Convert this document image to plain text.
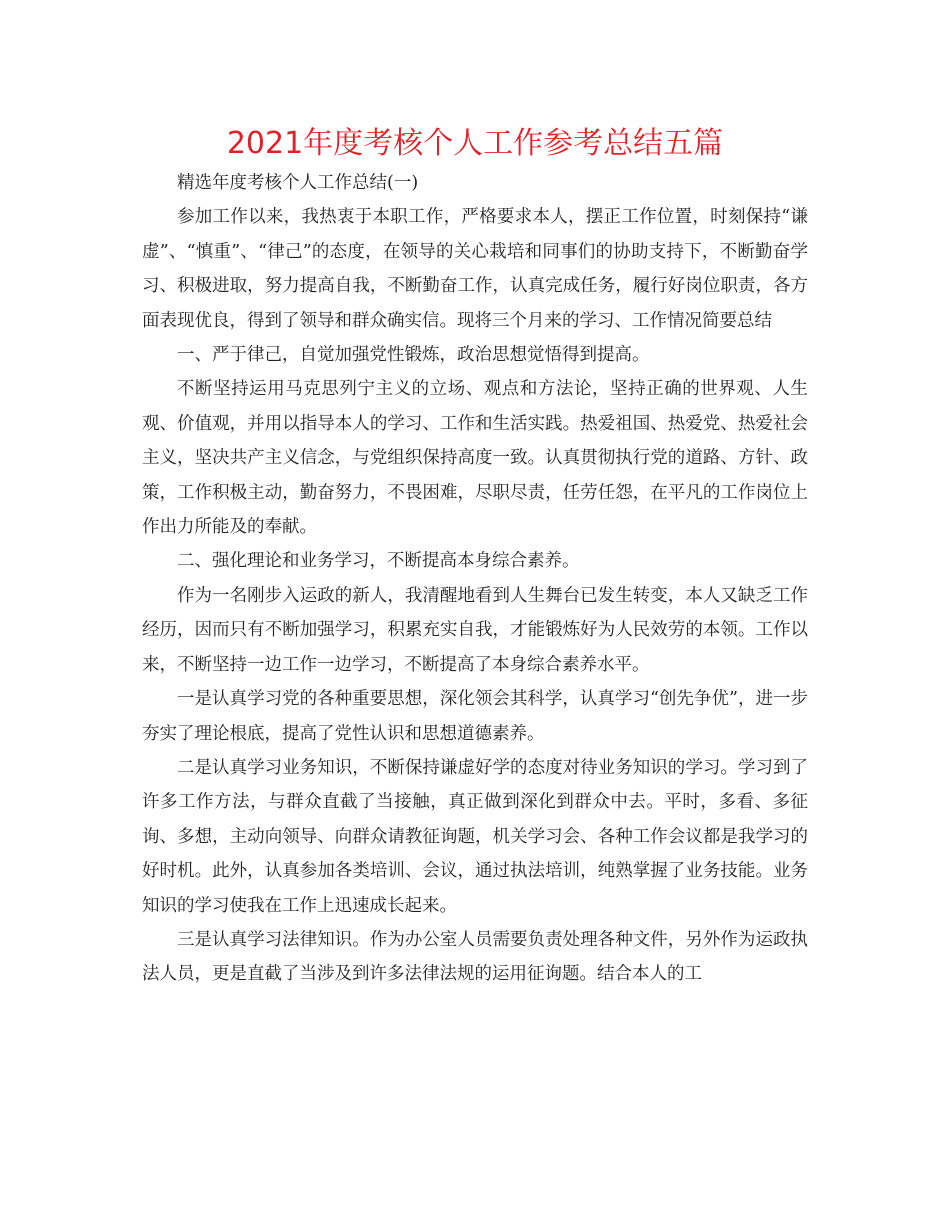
2021年度考核个人工作参考总结五篇

精选年度考核个人工作总结(一)

参加工作以来，我热衷于本职工作，严格要求本人，摆正工作位置，时刻保持“谦虚”、“慎重”、“律己”的态度，在领导的关心栽培和同事们的协助支持下，不断勤奋学习、积极进取，努力提高自我，不断勤奋工作，认真完成任务，履行好岗位职责，各方面表现优良，得到了领导和群众确实信。现将三个月来的学习、工作情况简要总结

一、严于律己，自觉加强党性锻炼，政治思想觉悟得到提高。

不断坚持运用马克思列宁主义的立场、观点和方法论，坚持正确的世界观、人生观、价值观，并用以指导本人的学习、工作和生活实践。热爱祖国、热爱党、热爱社会主义，坚决共产主义信念，与党组织保持高度一致。认真贯彻执行党的道路、方针、政策，工作积极主动，勤奋努力，不畏困难，尽职尽责，任劳任怨，在平凡的工作岗位上作出力所能及的奉献。

二、强化理论和业务学习，不断提高本身综合素养。

作为一名刚步入运政的新人，我清醒地看到人生舞台已发生转变，本人又缺乏工作经历，因而只有不断加强学习，积累充实自我，才能锻炼好为人民效劳的本领。工作以来，不断坚持一边工作一边学习，不断提高了本身综合素养水平。

一是认真学习党的各种重要思想，深化领会其科学，认真学习“创先争优”，进一步夯实了理论根底，提高了党性认识和思想道德素养。

二是认真学习业务知识，不断保持谦虚好学的态度对待业务知识的学习。学习到了许多工作方法，与群众直截了当接触，真正做到深化到群众中去。平时，多看、多征询、多想，主动向领导、向群众请教征询题，机关学习会、各种工作会议都是我学习的好时机。此外，认真参加各类培训、会议，通过执法培训，纯熟掌握了业务技能。业务知识的学习使我在工作上迅速成长起来。

三是认真学习法律知识。作为办公室人员需要负责处理各种文件，另外作为运政执法人员，更是直截了当涉及到许多法律法规的运用征询题。结合本人的工
